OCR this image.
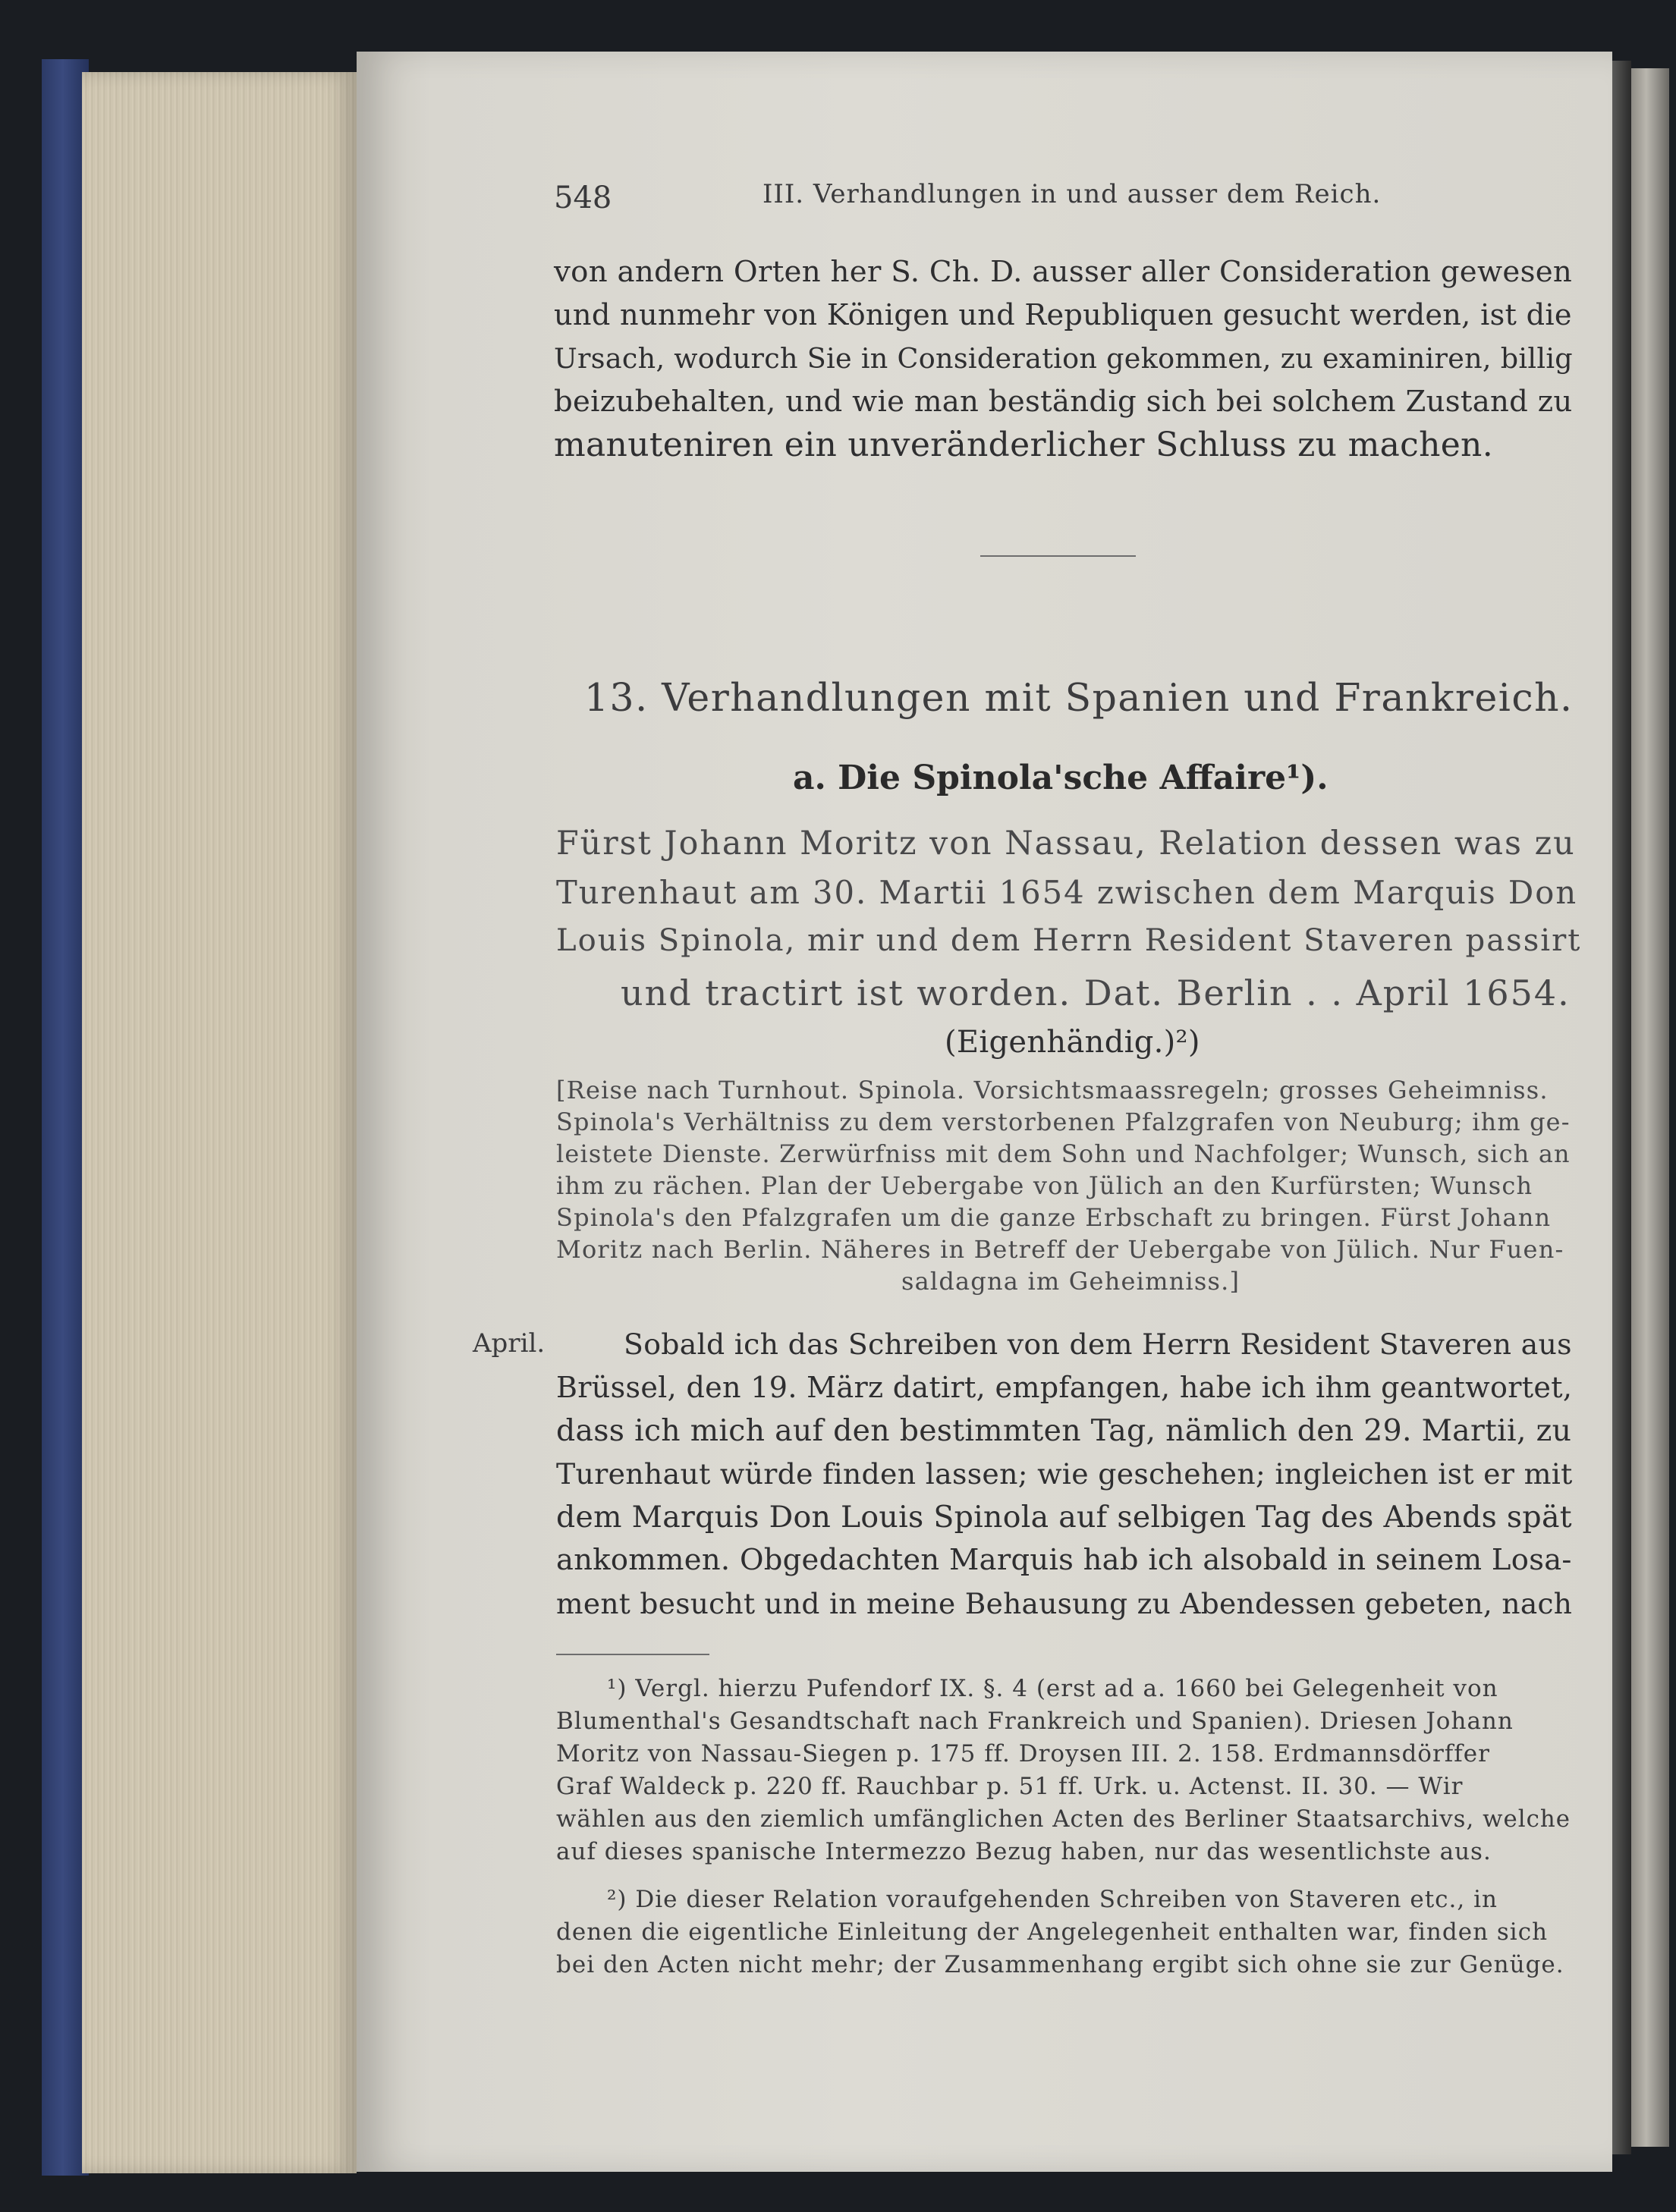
548	III. Verhandlungen in und ausser dem Reich.

von andern Orten her S. Ch. D. ausser aller Consideration gewesen

und nunmehr von Königen und Republiquen gesucht werden, ist die

Ursach, wodurch Sie in Consideration gekommen, zu examiniren, billig

beizubehalten, und wie man beständig sich bei solchem Zustand zu

manuteniren ein unveränderlicher Schluss zu machen.

13. Verhandlungen mit Spanien und Frankreich.

a. Die Spinola'sche Affaire¹).

Fürst Johann Moritz von Nassau, Relation dessen was zu

Turenhaut am 30. Martii 1654 zwischen dem Marquis Don

Louis Spinola, mir und dem Herrn Resident Staveren passirt

und tractirt ist worden. Dat. Berlin . . April 1654.

(Eigenhändig.)²)

[Reise nach Turnhout. Spinola. Vorsichtsmaassregeln; grosses Geheimniss.

Spinola's Verhältniss zu dem verstorbenen Pfalzgrafen von Neuburg; ihm ge-

leistete Dienste. Zerwürfniss mit dem Sohn und Nachfolger; Wunsch, sich an

ihm zu rächen. Plan der Uebergabe von Jülich an den Kurfürsten; Wunsch

Spinola's den Pfalzgrafen um die ganze Erbschaft zu bringen. Fürst Johann

Moritz nach Berlin. Näheres in Betreff der Uebergabe von Jülich. Nur Fuen-

saldagna im Geheimniss.]

April.	Sobald ich das Schreiben von dem Herrn Resident Staveren aus

Brüssel, den 19. März datirt, empfangen, habe ich ihm geantwortet,

dass ich mich auf den bestimmten Tag, nämlich den 29. Martii, zu

Turenhaut würde finden lassen; wie geschehen; ingleichen ist er mit

dem Marquis Don Louis Spinola auf selbigen Tag des Abends spät

ankommen. Obgedachten Marquis hab ich alsobald in seinem Losa-

ment besucht und in meine Behausung zu Abendessen gebeten, nach

¹) Vergl. hierzu Pufendorf IX. §. 4 (erst ad a. 1660 bei Gelegenheit von

Blumenthal's Gesandtschaft nach Frankreich und Spanien). Driesen Johann

Moritz von Nassau-Siegen p. 175 ff. Droysen III. 2. 158. Erdmannsdörffer

Graf Waldeck p. 220 ff. Rauchbar p. 51 ff. Urk. u. Actenst. II. 30. — Wir

wählen aus den ziemlich umfänglichen Acten des Berliner Staatsarchivs, welche

auf dieses spanische Intermezzo Bezug haben, nur das wesentlichste aus.

²) Die dieser Relation voraufgehenden Schreiben von Staveren etc., in

denen die eigentliche Einleitung der Angelegenheit enthalten war, finden sich

bei den Acten nicht mehr; der Zusammenhang ergibt sich ohne sie zur Genüge.
